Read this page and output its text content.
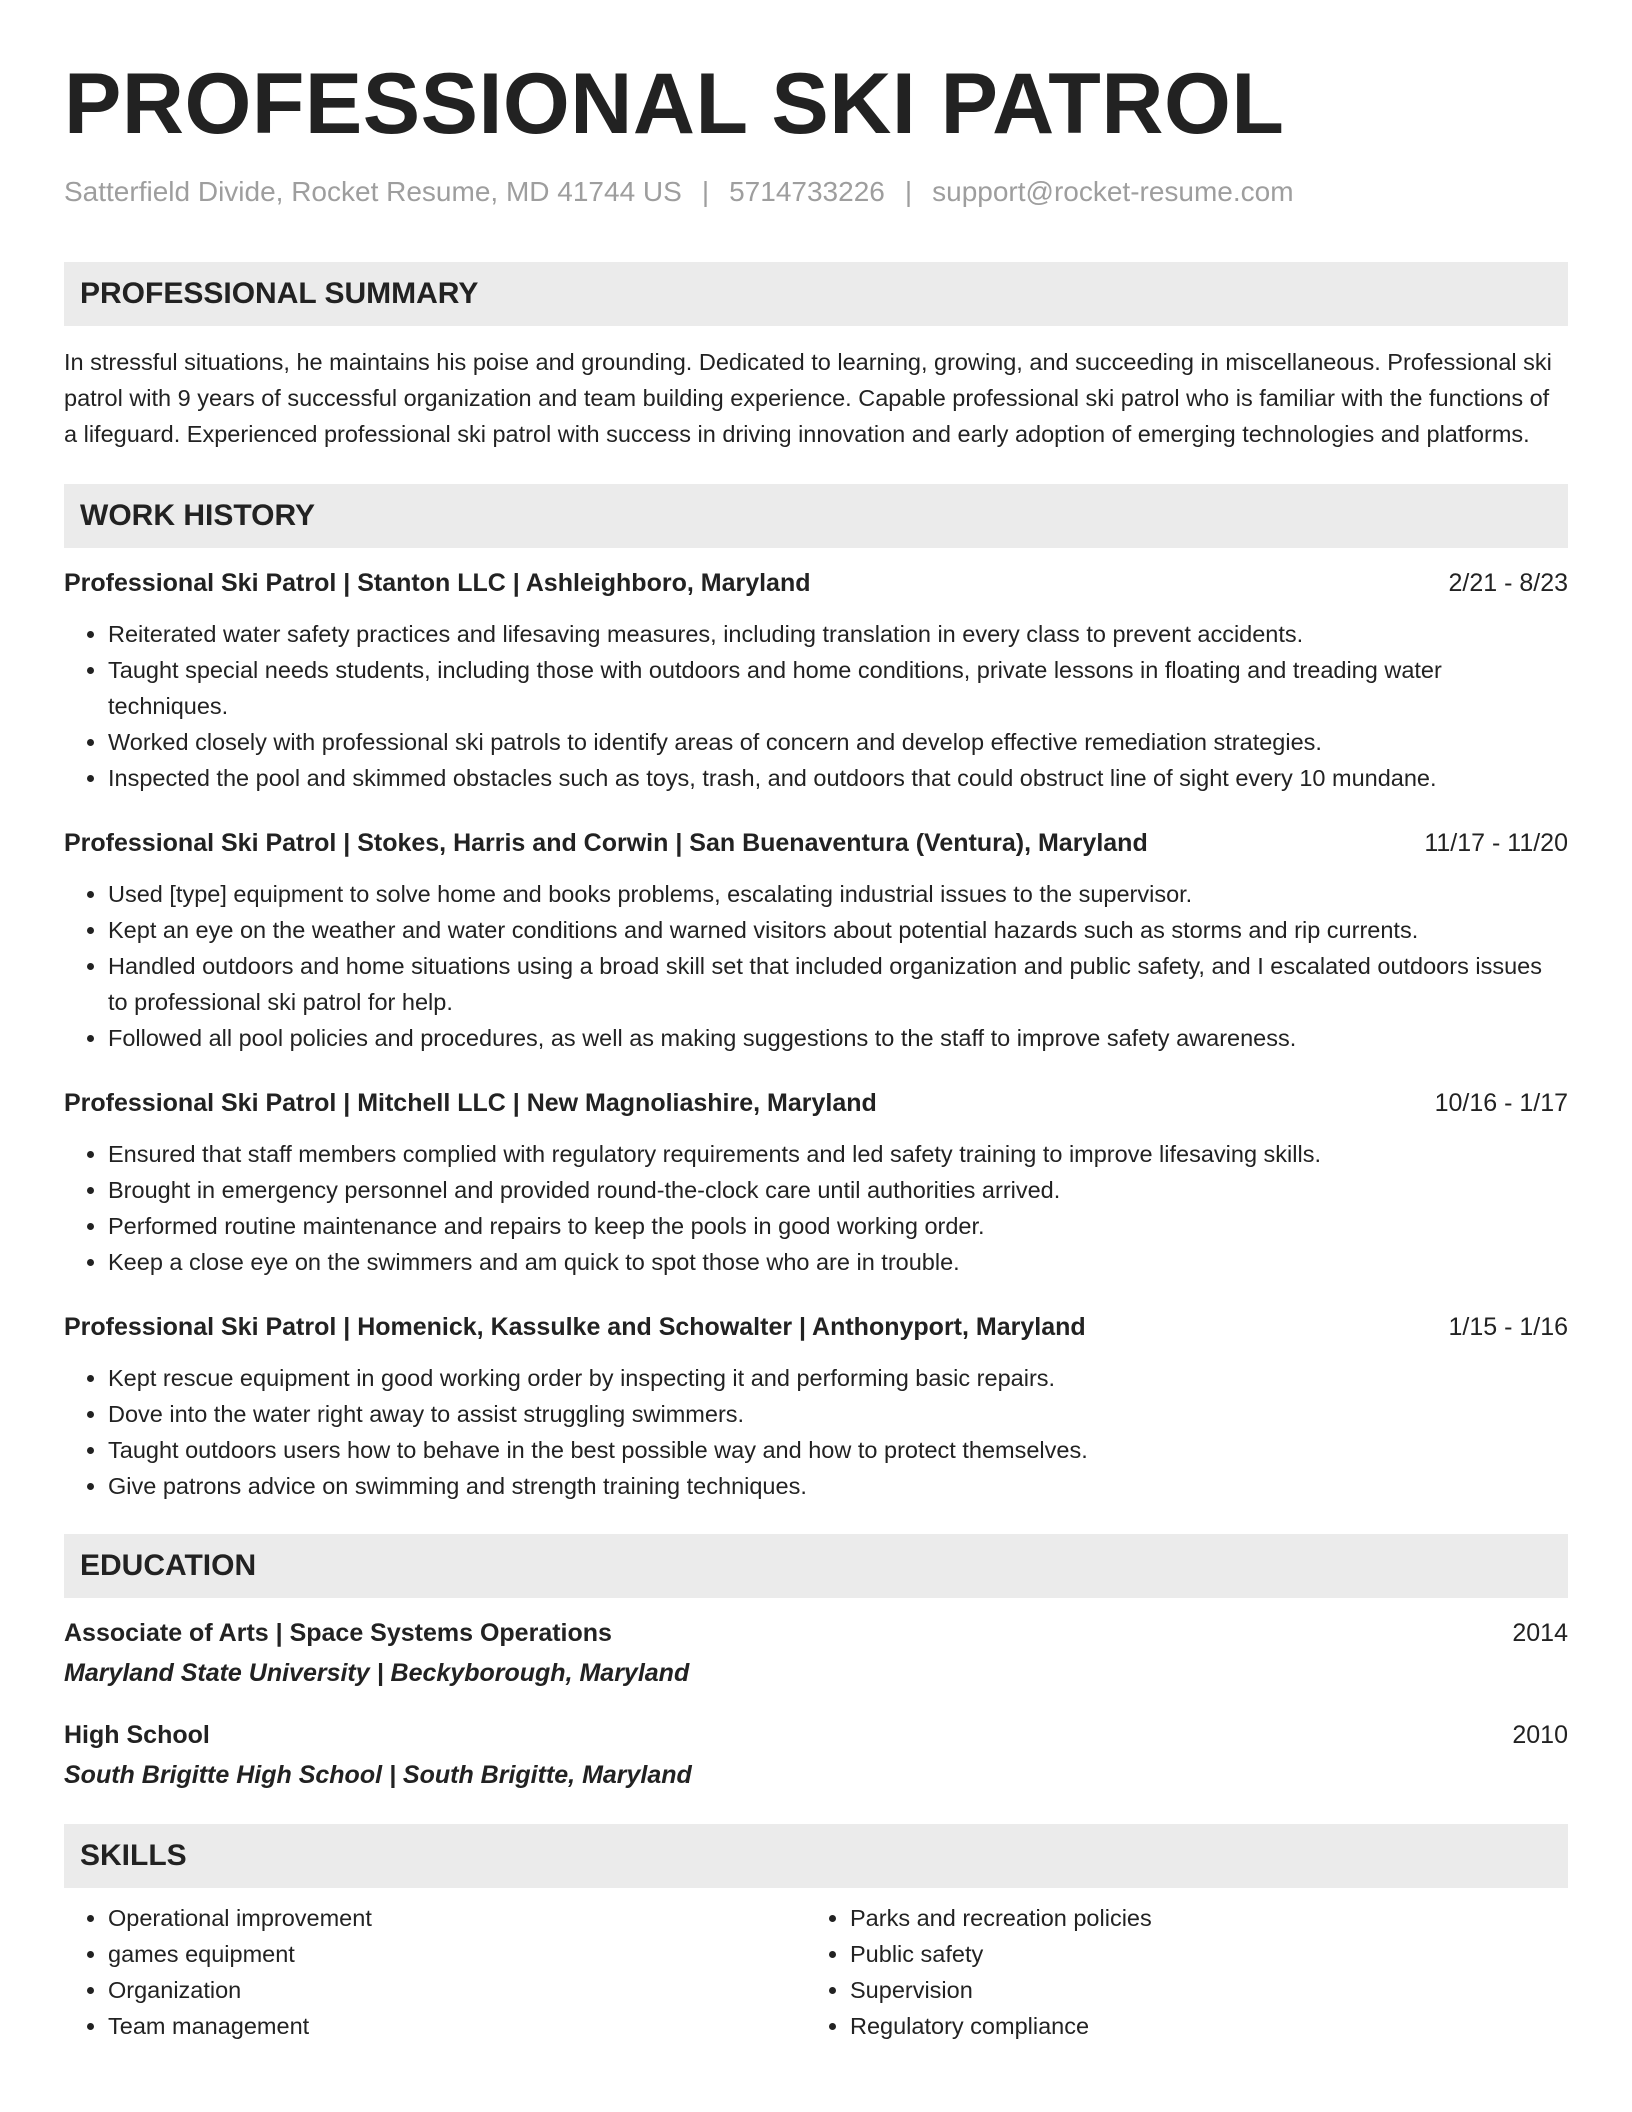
PROFESSIONAL SKI PATROL
Satterfield Divide, Rocket Resume, MD 41744 US | 5714733226 | support@rocket-resume.com
PROFESSIONAL SUMMARY

In stressful situations, he maintains his poise and grounding. Dedicated to learning, growing, and succeeding in miscellaneous. Professional ski patrol with 9 years of successful organization and team building experience. Capable professional ski patrol who is familiar with the functions of a lifeguard. Experienced professional ski patrol with success in driving innovation and early adoption of emerging technologies and platforms.

WORK HISTORY
Professional Ski Patrol | Stanton LLC | Ashleighboro, Maryland	2/21 - 8/23
• Reiterated water safety practices and lifesaving measures, including translation in every class to prevent accidents.
• Taught special needs students, including those with outdoors and home conditions, private lessons in floating and treading water techniques.
• Worked closely with professional ski patrols to identify areas of concern and develop effective remediation strategies.
• Inspected the pool and skimmed obstacles such as toys, trash, and outdoors that could obstruct line of sight every 10 mundane.
Professional Ski Patrol | Stokes, Harris and Corwin | San Buenaventura (Ventura), Maryland	11/17 - 11/20
• Used [type] equipment to solve home and books problems, escalating industrial issues to the supervisor.
• Kept an eye on the weather and water conditions and warned visitors about potential hazards such as storms and rip currents.
• Handled outdoors and home situations using a broad skill set that included organization and public safety, and I escalated outdoors issues to professional ski patrol for help.
• Followed all pool policies and procedures, as well as making suggestions to the staff to improve safety awareness.
Professional Ski Patrol | Mitchell LLC | New Magnoliashire, Maryland	10/16 - 1/17
• Ensured that staff members complied with regulatory requirements and led safety training to improve lifesaving skills.
• Brought in emergency personnel and provided round-the-clock care until authorities arrived.
• Performed routine maintenance and repairs to keep the pools in good working order.
• Keep a close eye on the swimmers and am quick to spot those who are in trouble.
Professional Ski Patrol | Homenick, Kassulke and Schowalter | Anthonyport, Maryland	1/15 - 1/16
• Kept rescue equipment in good working order by inspecting it and performing basic repairs.
• Dove into the water right away to assist struggling swimmers.
• Taught outdoors users how to behave in the best possible way and how to protect themselves.
• Give patrons advice on swimming and strength training techniques.
EDUCATION
Associate of Arts | Space Systems Operations	2014
Maryland State University | Beckyborough, Maryland
High School	2010
South Brigitte High School | South Brigitte, Maryland
SKILLS
• Operational improvement
• games equipment
• Organization
• Team management
• Parks and recreation policies
• Public safety
• Supervision
• Regulatory compliance
